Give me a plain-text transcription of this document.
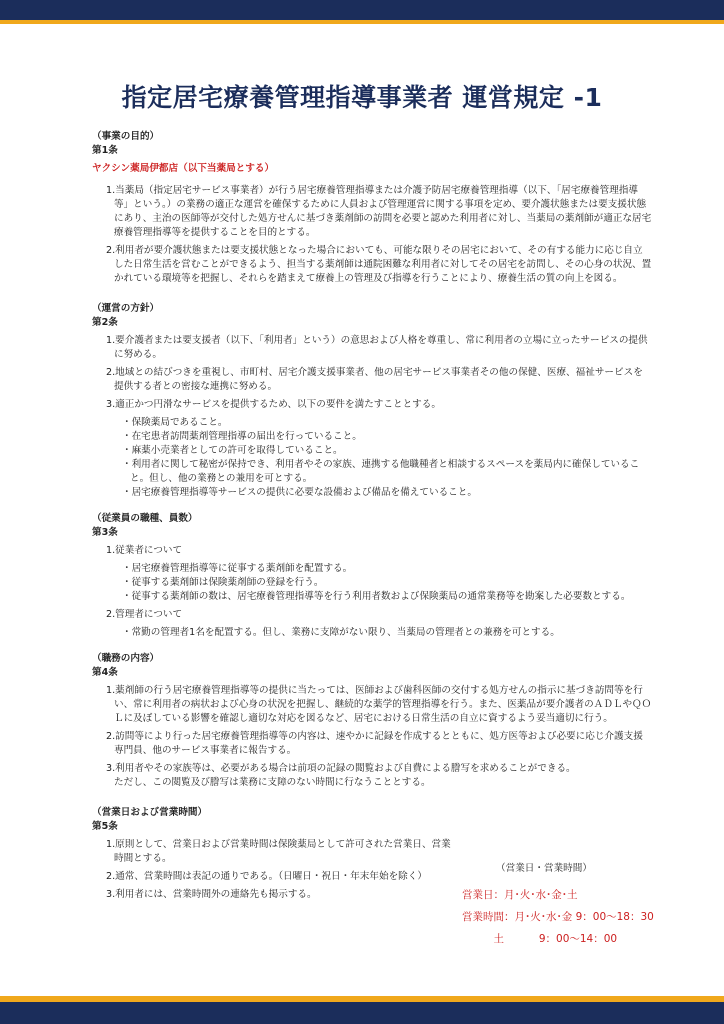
指定居宅療養管理指導事業者 運営規定 -1
（事業の目的）
第1条
ヤクシン薬局伊都店（以下当薬局とする）
1.当薬局（指定居宅サービス事業者）が行う居宅療養管理指導または介護予防居宅療養管理指導（以下、「居宅療養管理指導等」という。）の業務の適正な運営を確保するために人員および管理運営に関する事項を定め、要介護状態または要支援状態にあり、主治の医師等が交付した処方せんに基づき薬剤師の訪問を必要と認めた利用者に対し、当薬局の薬剤師が適正な居宅療養管理指導等を提供することを目的とする。
2.利用者が要介護状態または要支援状態となった場合においても、可能な限りその居宅において、その有する能力に応じ自立した日常生活を営むことができるよう、担当する薬剤師は通院困難な利用者に対してその居宅を訪問し、その心身の状況、置かれている環境等を把握し、それらを踏まえて療養上の管理及び指導を行うことにより、療養生活の質の向上を図る。
（運営の方針）
第2条
1.要介護者または要支援者（以下、「利用者」という）の意思および人格を尊重し、常に利用者の立場に立ったサービスの提供に努める。
2.地域との結びつきを重視し、市町村、居宅介護支援事業者、他の居宅サービス事業者その他の保健、医療、福祉サービスを提供する者との密接な連携に努める。
3.適正かつ円滑なサービスを提供するため、以下の要件を満たすこととする。
・保険薬局であること。
・在宅患者訪問薬剤管理指導の届出を行っていること。
・麻薬小売業者としての許可を取得していること。
・利用者に関して秘密が保持でき、利用者やその家族、連携する他職種者と相談するスペースを薬局内に確保していること。但し、他の業務との兼用を可とする。
・居宅療養管理指導等サービスの提供に必要な設備および備品を備えていること。
（従業員の職種、員数）
第3条
1.従業者について
・居宅療養管理指導等に従事する薬剤師を配置する。
・従事する薬剤師は保険薬剤師の登録を行う。
・従事する薬剤師の数は、居宅療養管理指導等を行う利用者数および保険薬局の通常業務等を勘案した必要数とする。
2.管理者について
・常勤の管理者1名を配置する。但し、業務に支障がない限り、当薬局の管理者との兼務を可とする。
（職務の内容）
第4条
1.薬剤師の行う居宅療養管理指導等の提供に当たっては、医師および歯科医師の交付する処方せんの指示に基づき訪問等を行い、常に利用者の病状および心身の状況を把握し、継続的な薬学的管理指導を行う。また、医薬品が要介護者のＡＤＬやＱＯＬに及ぼしている影響を確認し適切な対応を図るなど、居宅における日常生活の自立に資するよう妥当適切に行う。
2.訪問等により行った居宅療養管理指導等の内容は、速やかに記録を作成するとともに、処方医等および必要に応じ介護支援専門員、他のサービス事業者に報告する。
3.利用者やその家族等は、必要がある場合は前項の記録の閲覧および自費による謄写を求めることができる。
ただし、この閲覧及び謄写は業務に支障のない時間に行なうこととする。
（営業日および営業時間）
第5条
1.原則として、営業日および営業時間は保険薬局として許可された営業日、営業時間とする。
2.通常、営業時間は表記の通りである。（日曜日・祝日・年末年始を除く）
3.利用者には、営業時間外の連絡先も掲示する。
（営業日・営業時間）
営業日：月･火･水･金･土
営業時間：月･火･水･金 9：00～18：30
　　　土　　　 9：00～14：00
